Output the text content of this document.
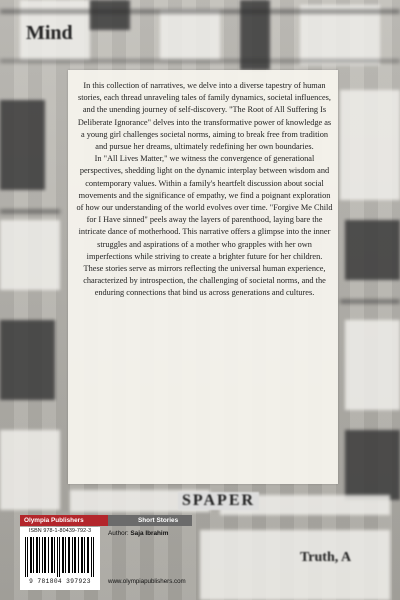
Mind
SPAPER
Truth, A

In this collection of narratives, we delve into a diverse tapestry of human stories, each thread unraveling tales of family dynamics, societal influences, and the unending journey of self-discovery. "The Root of All Suffering Is Deliberate Ignorance" delves into the transformative power of knowledge as a young girl challenges societal norms, aiming to break free from tradition and pursue her dreams, ultimately redefining her own boundaries.

In "All Lives Matter," we witness the convergence of generational perspectives, shedding light on the dynamic interplay between wisdom and contemporary values. Within a family's heartfelt discussion about social movements and the significance of empathy, we find a poignant exploration of how our understanding of the world evolves over time. "Forgive Me Child for I Have sinned" peels away the layers of parenthood, laying bare the intricate dance of motherhood. This narrative offers a glimpse into the inner struggles and aspirations of a mother who grapples with her own imperfections while striving to create a brighter future for her children. These stories serve as mirrors reflecting the universal human experience, characterized by introspection, the challenging of societal norms, and the enduring connections that bind us across generations and cultures.

Olympia Publishers	Short Stories
ISBN 978-1-80439-792-3
9 781804 397923
Author: Saja Ibrahim
www.olympiapublishers.com
